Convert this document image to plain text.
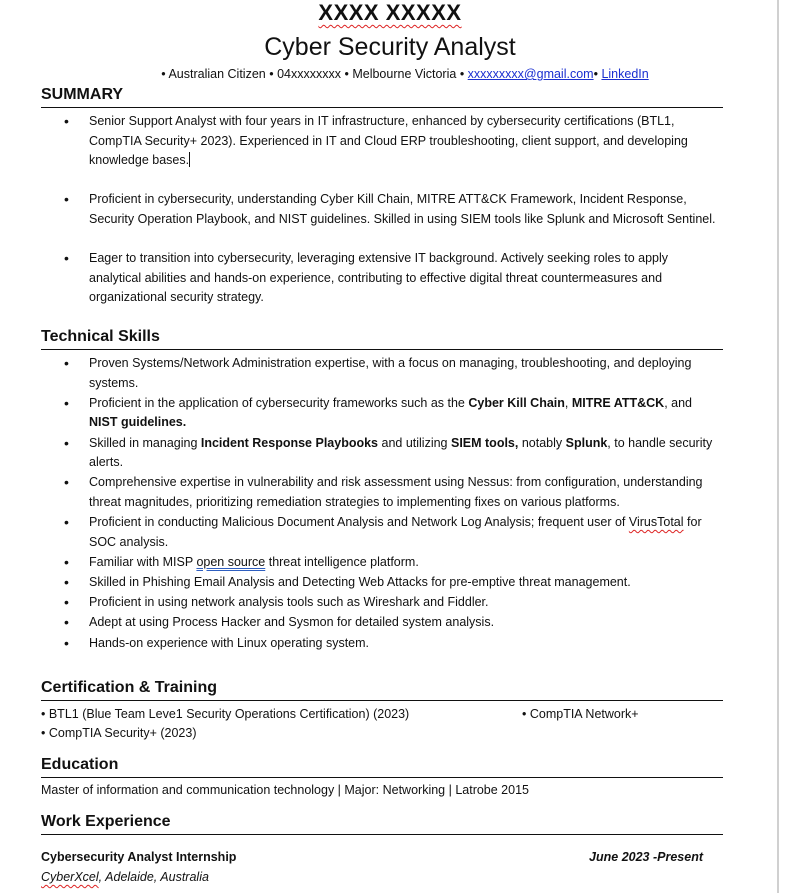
XXXX XXXXX
Cyber Security Analyst
• Australian Citizen • 04xxxxxxxx • Melbourne Victoria • xxxxxxxxx@gmail.com• LinkedIn
SUMMARY
• Senior Support Analyst with four years in IT infrastructure, enhanced by cybersecurity certifications (BTL1, CompTIA Security+ 2023). Experienced in IT and Cloud ERP troubleshooting, client support, and developing knowledge bases.
• Proficient in cybersecurity, understanding Cyber Kill Chain, MITRE ATT&CK Framework, Incident Response, Security Operation Playbook, and NIST guidelines. Skilled in using SIEM tools like Splunk and Microsoft Sentinel.
• Eager to transition into cybersecurity, leveraging extensive IT background. Actively seeking roles to apply analytical abilities and hands-on experience, contributing to effective digital threat countermeasures and organizational security strategy.
Technical Skills
• Proven Systems/Network Administration expertise, with a focus on managing, troubleshooting, and deploying systems.
• Proficient in the application of cybersecurity frameworks such as the Cyber Kill Chain, MITRE ATT&CK, and NIST guidelines.
• Skilled in managing Incident Response Playbooks and utilizing SIEM tools, notably Splunk, to handle security alerts.
• Comprehensive expertise in vulnerability and risk assessment using Nessus: from configuration, understanding threat magnitudes, prioritizing remediation strategies to implementing fixes on various platforms.
• Proficient in conducting Malicious Document Analysis and Network Log Analysis; frequent user of VirusTotal for SOC analysis.
• Familiar with MISP open source threat intelligence platform.
• Skilled in Phishing Email Analysis and Detecting Web Attacks for pre-emptive threat management.
• Proficient in using network analysis tools such as Wireshark and Fiddler.
• Adept at using Process Hacker and Sysmon for detailed system analysis.
• Hands-on experience with Linux operating system.
Certification & Training
• BTL1 (Blue Team Leve1 Security Operations Certification) (2023)	• CompTIA Network+
• CompTIA Security+ (2023)
Education
Master of information and communication technology | Major: Networking | Latrobe 2015
Work Experience
Cybersecurity Analyst Internship	June 2023 -Present
CyberXcel, Adelaide, Australia
